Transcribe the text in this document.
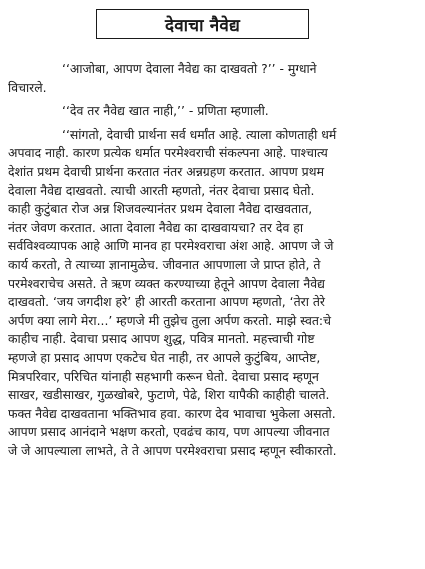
देवाचा नैवेद्य
‘‘आजोबा, आपण देवाला नैवेद्य का दाखवतो ?’’ - मुग्धाने
विचारले.
‘‘देव तर नैवेद्य खात नाही,’’ - प्रणिता म्हणाली.
‘‘सांगतो, देवाची प्रार्थना सर्व धर्मांत आहे. त्याला कोणताही धर्म
अपवाद नाही. कारण प्रत्येक धर्मात परमेश्वराची संकल्पना आहे. पाश्चात्य
देशांत प्रथम देवाची प्रार्थना करतात नंतर अन्नग्रहण करतात. आपण प्रथम
देवाला नैवेद्य दाखवतो. त्याची आरती म्हणतो, नंतर देवाचा प्रसाद घेतो.
काही कुटुंबात रोज अन्न शिजवल्यानंतर प्रथम देवाला नैवेद्य दाखवतात,
नंतर जेवण करतात. आता देवाला नैवेद्य का दाखवायचा? तर देव हा
सर्वविश्वव्यापक आहे आणि मानव हा परमेश्वराचा अंश आहे. आपण जे जे
कार्य करतो, ते त्याच्या ज्ञानामुळेच. जीवनात आपणाला जे प्राप्त होते, ते
परमेश्वराचेच असते. ते ऋण व्यक्त करण्याच्या हेतूने आपण देवाला नैवेद्य
दाखवतो. ‘जय जगदीश हरे’ ही आरती करताना आपण म्हणतो, ‘तेरा तेरे
अर्पण क्या लागे मेरा...’ म्हणजे मी तुझेच तुला अर्पण करतो. माझे स्वत:चे
काहीच नाही. देवाचा प्रसाद आपण शुद्ध, पवित्र मानतो. महत्त्वाची गोष्ट
म्हणजे हा प्रसाद आपण एकटेच घेत नाही, तर आपले कुटुंबिय, आप्तेष्ट,
मित्रपरिवार, परिचित यांनाही सहभागी करून घेतो. देवाचा प्रसाद म्हणून
साखर, खडीसाखर, गुळखोबरे, फुटाणे, पेढे, शिरा यापैकी काहीही चालते.
फक्त नैवेद्य दाखवताना भक्तिभाव हवा. कारण देव भावाचा भुकेला असतो.
आपण प्रसाद आनंदाने भक्षण करतो, एवढंच काय, पण आपल्या जीवनात
जे जे आपल्याला लाभते, ते ते आपण परमेश्वराचा प्रसाद म्हणून स्वीकारतो.
